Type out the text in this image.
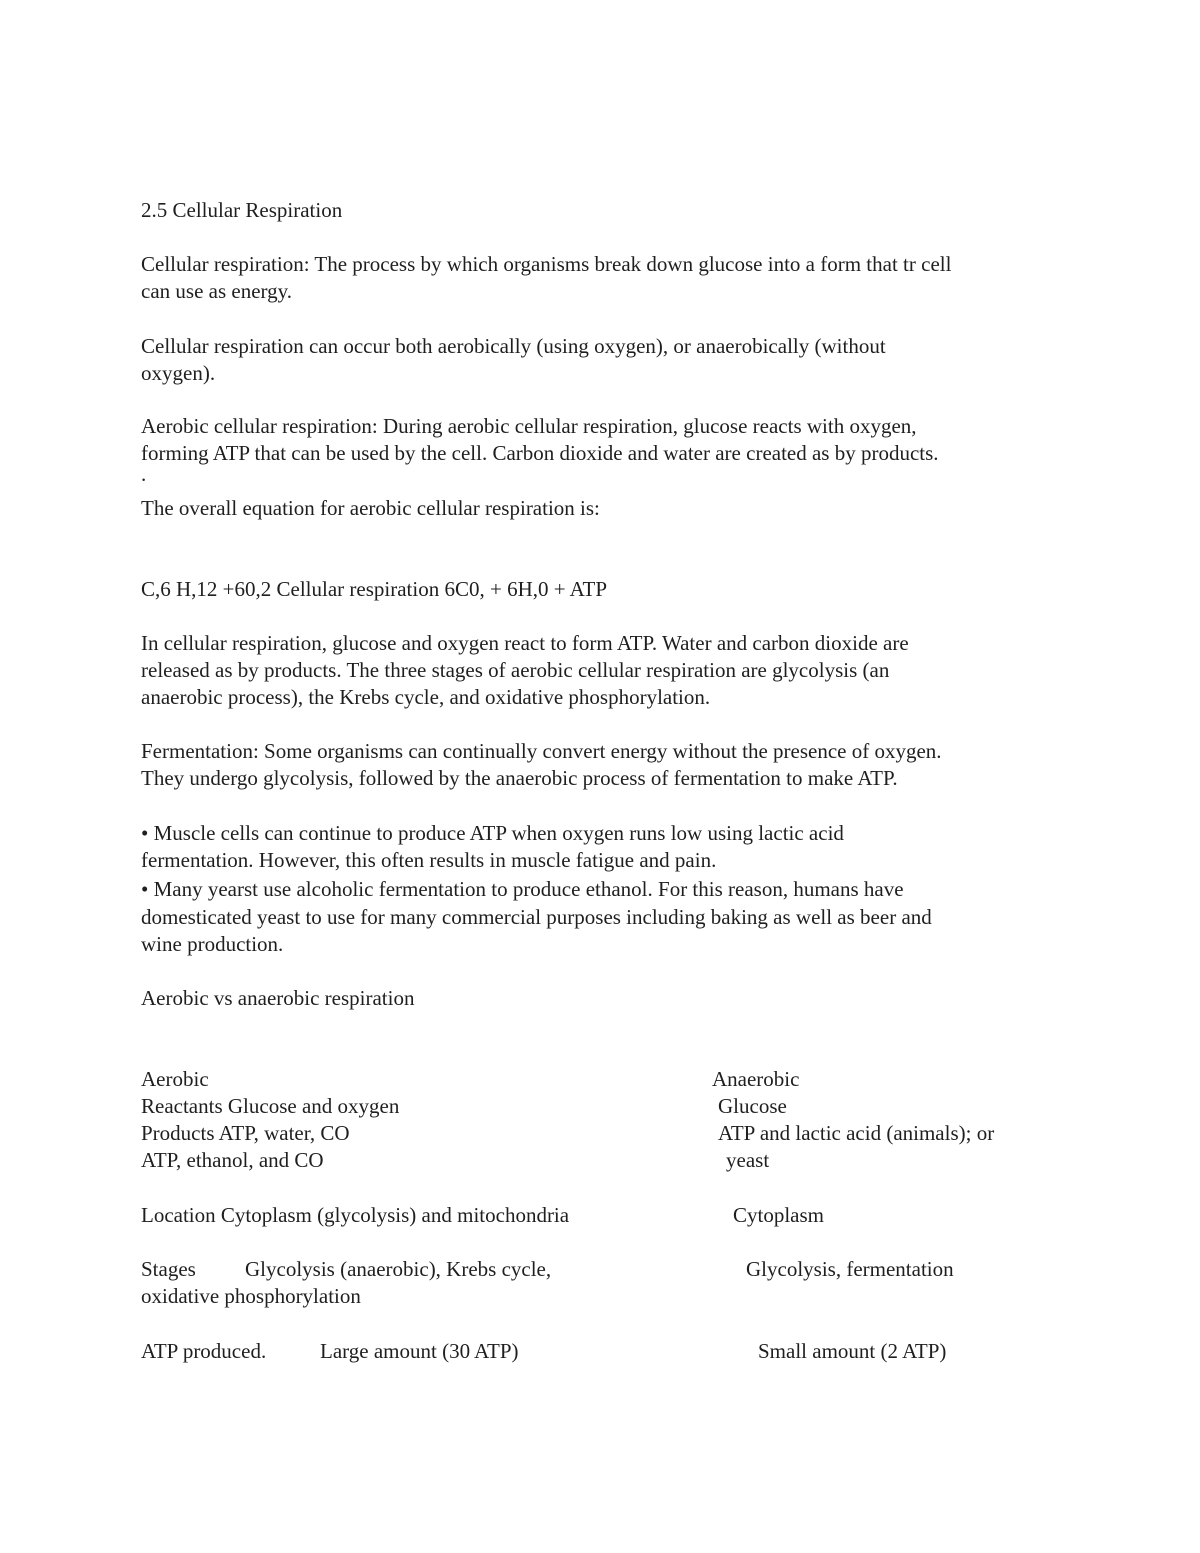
2.5 Cellular Respiration
Cellular respiration: The process by which organisms break down glucose into a form that tr cell
can use as energy.
Cellular respiration can occur both aerobically (using oxygen), or anaerobically (without
oxygen).
Aerobic cellular respiration: During aerobic cellular respiration, glucose reacts with oxygen,
forming ATP that can be used by the cell. Carbon dioxide and water are created as by products.
.
The overall equation for aerobic cellular respiration is:
C,6 H,12 +60,2 Cellular respiration 6C0, + 6H,0 + ATP
In cellular respiration, glucose and oxygen react to form ATP. Water and carbon dioxide are
released as by products. The three stages of aerobic cellular respiration are glycolysis (an
anaerobic process), the Krebs cycle, and oxidative phosphorylation.
Fermentation: Some organisms can continually convert energy without the presence of oxygen.
They undergo glycolysis, followed by the anaerobic process of fermentation to make ATP.
• Muscle cells can continue to produce ATP when oxygen runs low using lactic acid
fermentation. However, this often results in muscle fatigue and pain.
• Many yearst use alcoholic fermentation to produce ethanol. For this reason, humans have
domesticated yeast to use for many commercial purposes including baking as well as beer and
wine production.
Aerobic vs anaerobic respiration
Aerobic	Anaerobic
Reactants Glucose and oxygen	Glucose
Products ATP, water, CO	ATP and lactic acid (animals); or
ATP, ethanol, and CO	yeast
Location Cytoplasm (glycolysis) and mitochondria	Cytoplasm
Stages Glycolysis (anaerobic), Krebs cycle,	Glycolysis, fermentation
oxidative phosphorylation
ATP produced.	Large amount (30 ATP)	Small amount (2 ATP)
